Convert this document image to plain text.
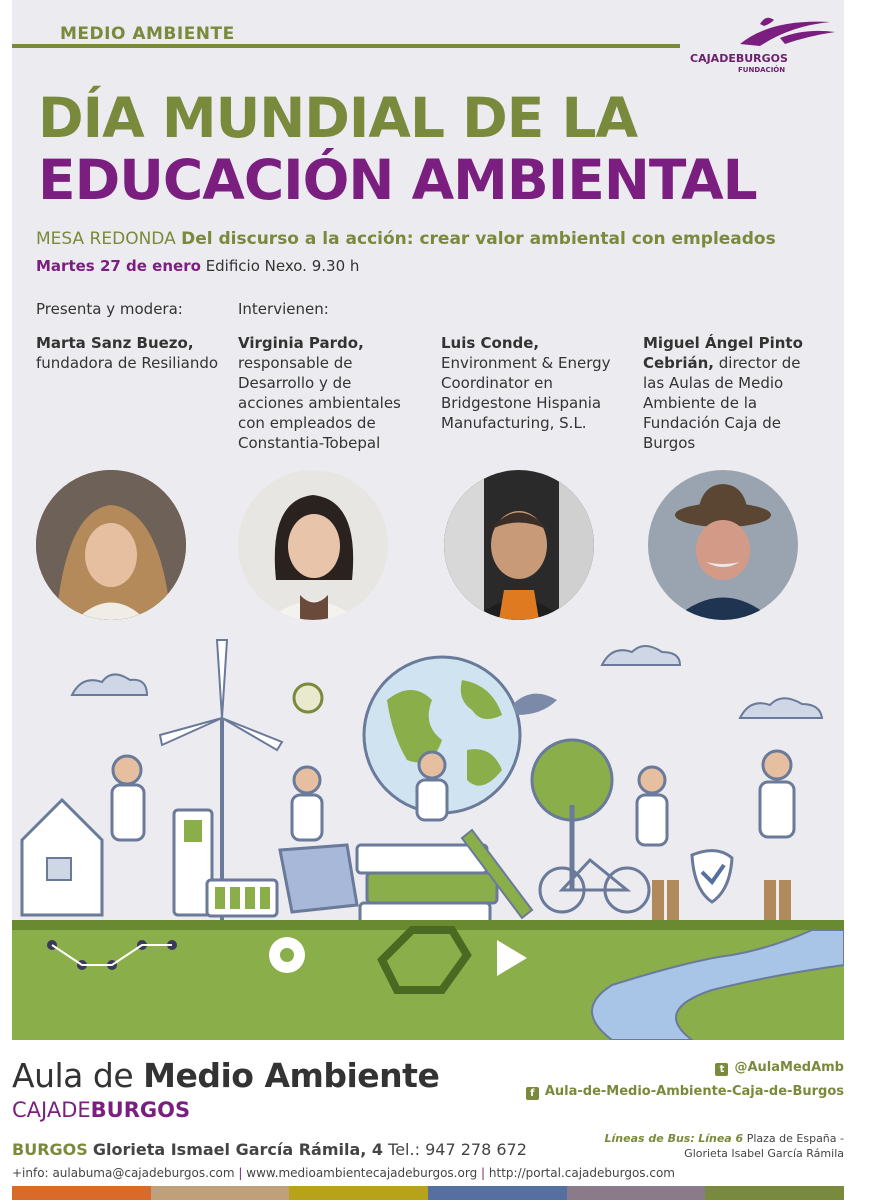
MEDIO AMBIENTE
CAJADEBURGOS
FUNDACIÓN
DÍA MUNDIAL DE LA
EDUCACIÓN AMBIENTAL
MESA REDONDA Del discurso a la acción: crear valor ambiental con empleados
Martes 27 de enero Edificio Nexo. 9.30 h
Presenta y modera:	Intervienen:
Marta Sanz Buezo,
fundadora de Resiliando
Virginia Pardo, responsable de Desarrollo y de acciones ambientales con empleados de Constantia-Tobepal
Luis Conde, Environment & Energy Coordinator en Bridgestone Hispania Manufacturing, S.L.
Miguel Ángel Pinto Cebrián, director de las Aulas de Medio Ambiente de la Fundación Caja de Burgos
Aula de Medio Ambiente
CAJADEBURGOS
t @AulaMedAmb
f Aula-de-Medio-Ambiente-Caja-de-Burgos
BURGOS Glorieta Ismael García Rámila, 4 Tel.: 947 278 672
Líneas de Bus: Línea 6 Plaza de España -
Glorieta Isabel García Rámila
+info: aulabuma@cajadeburgos.com | www.medioambientecajadeburgos.org | http://portal.cajadeburgos.com
